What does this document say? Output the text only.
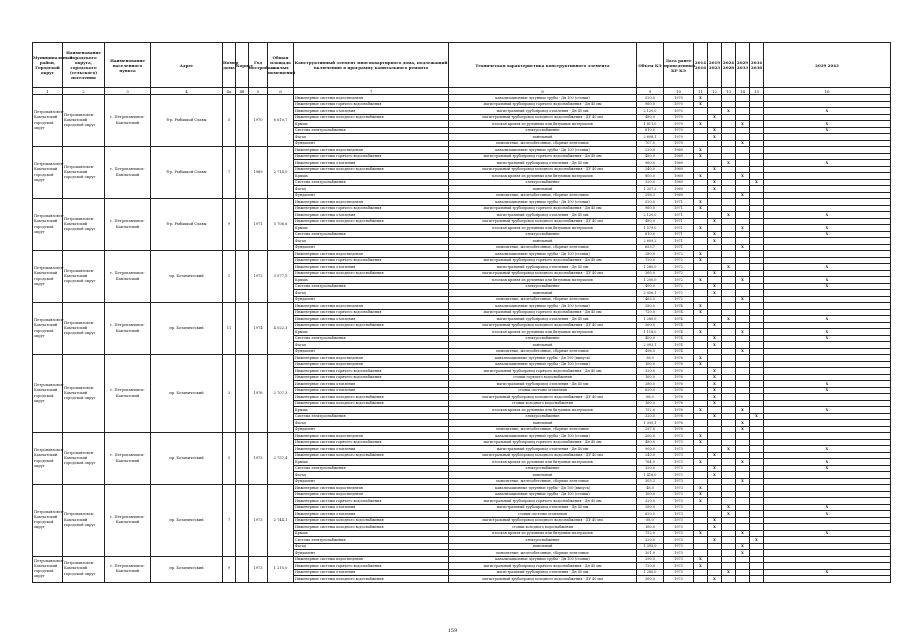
Муниципальный район, Городской округ	Наименование городского округа, городского (сельского) поселения	Наименование населенного пункта	Адрес	Номер дома	Корпус	Год постройки	Общая площадь жилых помещений	Конструктивный элемент многоквартирного дома, подлежащий включению в программу капитального ремонта	Техническая характеристика конструктивного элемента	Объем КЭ	Дата ранее проведенных КР КЭ	2014 2016	2019 2023	2024 2028	2029 2033	2034 2038	2039 2043
1	2	3	4	4а	4б	5	6	7	8	9	10	11	12	13	14	15	16
Петропавловск-Камчатский городской округ	Петропавловск-Камчатский городской округ	г. Петропавловск-Камчатский	б-р. Рыбацкой Славы	5		1970	6 610,7	Инженерные системы водоотведения	канализационные чугунные трубы - Дн 100 (стояки)	520,0	1970	X					
								Инженерные системы горячего водоснабжения	магистральный трубопровод горячего водоснабжения - Дн 40 мм	960,0	1970	X					
								Инженерные системы отопления	магистральный трубопровод отопления - Дн 40 мм	2 120,0	1970			X			X
								Инженерные системы холодного водоснабжения	магистральный трубопровод холодного водоснабжения - ДУ 40 мм	480,0	1970		X				
								Крыша	плоская кровля из рулонных или битумных материалов	1 811,0	1970	X			X		X
								Система электроснабжения	электроснабжение	610,0	1970		X				X
								Фасад	панельный	2 608,1	1970		X				
								Фундамент	монолитные, железобетонные, сборные ленточные	707,0	1970				X		
Петропавловск-Камчатский городской округ	Петропавловск-Камчатский городской округ	г. Петропавловск-Камчатский	б-р. Рыбацкой Славы	7		1969	2 714,0	Инженерные системы водоотведения	канализационные чугунные трубы - Дн 100 (стояки)	220,0	1969	X					
								Инженерные системы горячего водоснабжения	магистральный трубопровод горячего водоснабжения - Дн 40 мм	480,0	1969	X					
								Инженерные системы отопления	магистральный трубопровод отопления - Дн 40 мм	960,0	1969			X			X
								Инженерные системы холодного водоснабжения	магистральный трубопровод холодного водоснабжения - ДУ 40 мм	240,0	1969		X				
								Крыша	плоская кровля из рулонных или битумных материалов	800,0	1969	X			X		
								Система электроснабжения	электроснабжение	320,0	1969		X			X	
								Фасад	панельный	1 357,2	1969		X				
								Фундамент	монолитные, железобетонные, сборные ленточные	298,3	1969				X		
Петропавловск-Камчатский городской округ	Петропавловск-Камчатский городской округ	г. Петропавловск-Камчатский	б-р. Рыбацкой Славы	9		1971	5 706,6	Инженерные системы водоотведения	канализационные чугунные трубы - Дн 100 (стояки)	520,0	1971	X					
								Инженерные системы горячего водоснабжения	магистральный трубопровод горячего водоснабжения - Дн 40 мм	960,0	1971	X					
								Инженерные системы отопления	магистральный трубопровод отопления - Дн 40 мм	2 120,0	1971			X			X
								Инженерные системы холодного водоснабжения	магистральный трубопровод холодного водоснабжения - ДУ 40 мм	480,0	1971		X				
								Крыша	плоская кровля из рулонных или битумных материалов	1 579,0	1971	X			X		X
								Система электроснабжения	электроснабжение	610,0	1971		X				X
								Фасад	панельный	2 609,2	1971		X				
								Фундамент	монолитные, железобетонные, сборные ленточные	653,7	1971				X		
Петропавловск-Камчатский городской округ	Петропавловск-Камчатский городской округ	г. Петропавловск-Камчатский	пр. Ботанический	1		1972	3 577,5	Инженерные системы водоотведения	канализационные чугунные трубы - Дн 100 (стояки)	280,0	1972	X					
								Инженерные системы горячего водоснабжения	магистральный трубопровод горячего водоснабжения - Дн 40 мм	720,0	1972	X					
								Инженерные системы отопления	магистральный трубопровод отопления - Дн 40 мм	1 280,0	1972			X			X
								Инженерные системы холодного водоснабжения	магистральный трубопровод холодного водоснабжения - ДУ 40 мм	360,0	1972		X				
								Крыша	плоская кровля из рулонных или битумных материалов	1 200,0	1972	X			X		X
								Система электроснабжения	электроснабжение	400,0	1972		X				X
								Фасад	панельный	2 056,1	1972		X				
								Фундамент	монолитные, железобетонные, сборные ленточные	463,5	1972				X		
Петропавловск-Камчатский городской округ	Петропавловск-Камчатский городской округ	г. Петропавловск-Камчатский	пр. Ботанический	11		1974	4 022,3	Инженерные системы водоотведения	канализационные чугунные трубы - Дн 100 (стояки)	280,0	1974	X					
								Инженерные системы горячего водоснабжения	магистральный трубопровод горячего водоснабжения - Дн 40 мм	720,0	1974	X					
								Инженерные системы отопления	магистральный трубопровод отопления - Дн 40 мм	1 280,0	1974			X			X
								Инженерные системы холодного водоснабжения	магистральный трубопровод холодного водоснабжения - ДУ 40 мм	360,0	1974		X				
								Крыша	плоская кровля из рулонных или битумных материалов	1 118,0	1974	X			X		X
								Система электроснабжения	электроснабжение	400,0	1974		X				X
								Фасад	панельный	2 093,1	1974		X				
								Фундамент	монолитные, железобетонные, сборные ленточные	496,5	1974				X		
Петропавловск-Камчатский городской округ	Петропавловск-Камчатский городской округ	г. Петропавловск-Камчатский	пр. Ботанический	3		1976	2 707,3	Инженерные системы водоотведения	канализационные чугунные трубы - Дн 100 (выпуск)	38,0	1976	X					
								Инженерные системы водоотведения	канализационные чугунные трубы - Дн 100 (стояки)	160,0	1976	X					
								Инженерные системы горячего водоснабжения	магистральный трубопровод горячего водоснабжения - Дн 40 мм	320,0	1976		X				
								Инженерные системы горячего водоснабжения	стояки горячего водоснабжения	160,0	1976		X				
								Инженерные системы отопления	магистральный трубопровод отопления - Дн 40 мм	280,0	1976		X				X
								Инженерные системы отопления	стояки системы отопления	620,0	1976		X				X
								Инженерные системы холодного водоснабжения	магистральный трубопровод холодного водоснабжения - ДУ 40 мм	68,0	1976		X				
								Инженерные системы холодного водоснабжения	стояки холодного водоснабжения	160,0	1976		X				
								Крыша	плоская кровля из рулонных или битумных материалов	752,0	1976	X			X		X
								Система электроснабжения	электроснабжение	320,0	1976		X			X	
								Фасад	панельный	1 395,1	1976				X		
								Фундамент	монолитные, железобетонные, сборные ленточные	297,8	1976				X		
Петропавловск-Камчатский городской округ	Петропавловск-Камчатский городской округ	г. Петропавловск-Камчатский	пр. Ботанический	5		1973	2 757,4	Инженерные системы водоотведения	канализационные чугунные трубы - Дн 100 (стояки)	260,0	1973	X					
								Инженерные системы горячего водоснабжения	магистральный трубопровод горячего водоснабжения - Дн 40 мм	480,0	1973	X					
								Инженерные системы отопления	магистральный трубопровод отопления - Дн 40 мм	900,0	1973			X			X
								Инженерные системы холодного водоснабжения	магистральный трубопровод холодного водоснабжения - ДУ 40 мм	240,0	1973		X				
								Крыша	плоская кровля из рулонных или битумных материалов	764,0	1973	X			X		X
								Система электроснабжения	электроснабжение	320,0	1973		X				X
								Фасад	панельный	1 416,0	1973		X				
								Фундамент	монолитные, железобетонные, сборные ленточные	305,3	1973				X		
Петропавловск-Камчатский городской округ	Петропавловск-Камчатский городской округ	г. Петропавловск-Камчатский	пр. Ботанический	7		1973	2 744,1	Инженерные системы водоотведения	канализационные чугунные трубы - Дн 100 (выпуск)	48,0	1973	X					
								Инженерные системы водоотведения	канализационные чугунные трубы - Дн 100 (стояки)	160,0	1973	X					
								Инженерные системы горячего водоснабжения	магистральный трубопровод горячего водоснабжения - Дн 40 мм	320,0	1973	X					
								Инженерные системы отопления	магистральный трубопровод отопления - Дн 40 мм	280,0	1973			X			X
								Инженерные системы отопления	стояки системы отопления	620,0	1973			X			X
								Инженерные системы холодного водоснабжения	магистральный трубопровод холодного водоснабжения - ДУ 40 мм	68,0	1973		X				
								Инженерные системы холодного водоснабжения	стояки холодного водоснабжения	160,0	1973		X				
								Крыша	плоская кровля из рулонных или битумных материалов	752,0	1973	X			X		X
								Система электроснабжения	электроснабжение	320,0	1973		X			X	
								Фасад	панельный	1 395,0	1973				X		
								Фундамент	монолитные, железобетонные, сборные ленточные	301,9	1973				X		
Петропавловск-Камчатский городской округ	Петропавловск-Камчатский городской округ	г. Петропавловск-Камчатский	пр. Ботанический	9		1973	1 215,0	Инженерные системы водоотведения	канализационные чугунные трубы - Дн 100 (стояки)	290,0	1973	X					
								Инженерные системы горячего водоснабжения	магистральный трубопровод горячего водоснабжения - Дн 40 мм	720,0	1973	X					
								Инженерные системы отопления	магистральный трубопровод отопления - Дн 40 мм	1 280,0	1973			X			X
								Инженерные системы холодного водоснабжения	магистральный трубопровод холодного водоснабжения - ДУ 40 мм	360,0	1973		X				
159
